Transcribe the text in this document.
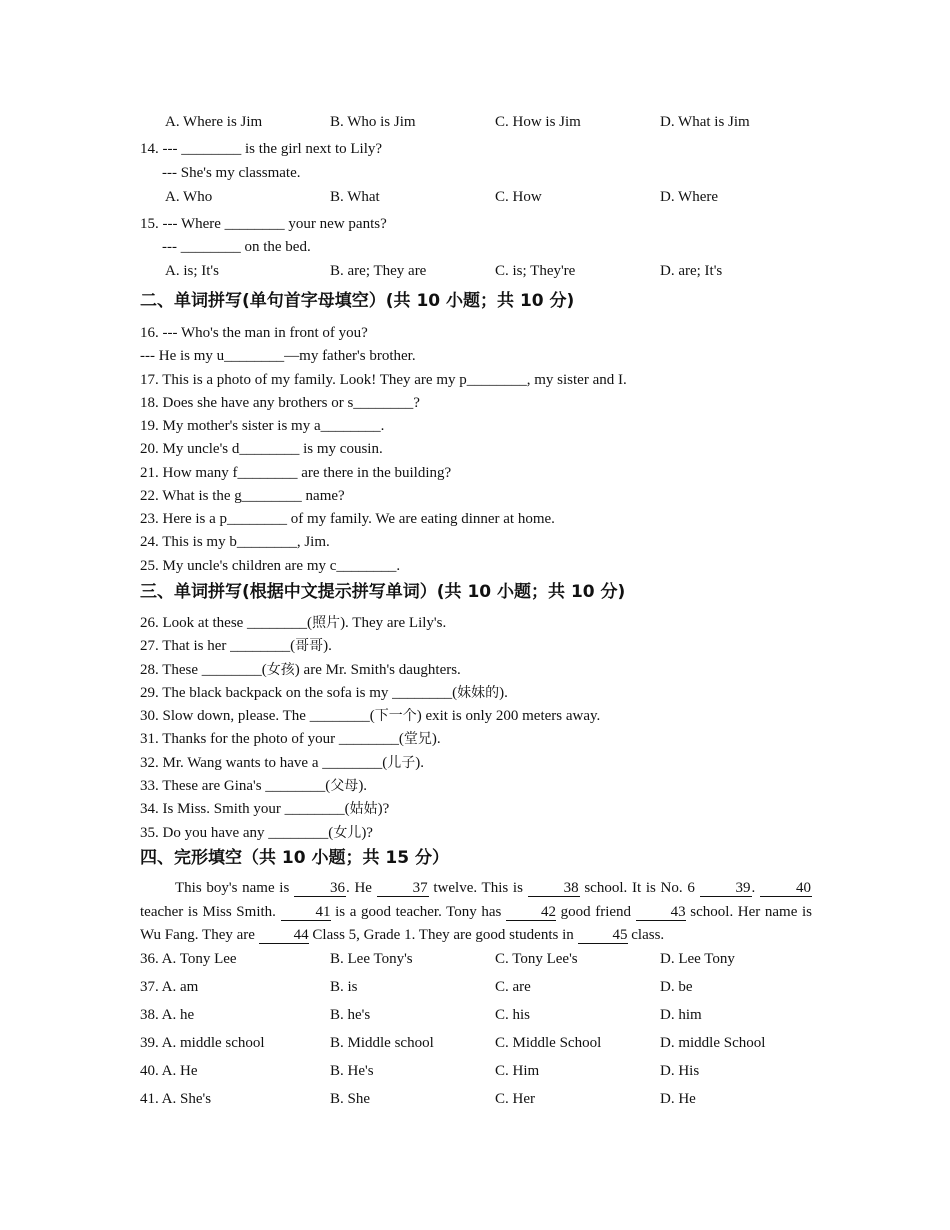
A. Where is Jim	B. Who is Jim	C. How is Jim	D. What is Jim
14. --- ________ is the girl next to Lily?
--- She's my classmate.
A. Who	B. What	C. How	D. Where
15. --- Where ________ your new pants?
--- ________ on the bed.
A. is; It's	B. are; They are	C. is; They're	D. are; It's
二、单词拼写(单句首字母填空）(共 10 小题；共 10 分)
16. --- Who's the man in front of you?
--- He is my u________—my father's brother.
17. This is a photo of my family. Look! They are my p________, my sister and I.
18. Does she have any brothers or s________?
19. My mother's sister is my a________.
20. My uncle's d________ is my cousin.
21. How many f________ are there in the building?
22. What is the g________ name?
23. Here is a p________ of my family. We are eating dinner at home.
24. This is my b________, Jim.
25. My uncle's children are my c________.
三、单词拼写(根据中文提示拼写单词）(共 10 小题；共 10 分)
26. Look at these ________(照片). They are Lily's.
27. That is her ________(哥哥).
28. These ________(女孩) are Mr. Smith's daughters.
29. The black backpack on the sofa is my ________(妹妹的).
30. Slow down, please. The ________(下一个) exit is only 200 meters away.
31. Thanks for the photo of your ________(堂兄).
32. Mr. Wang wants to have a ________(儿子).
33. These are Gina's ________(父母).
34. Is Miss. Smith your ________(姑姑)?
35. Do you have any ________(女儿)?
四、完形填空（共 10 小题；共 15 分）
This boy's name is 36. He 37 twelve. This is 38 school. It is No. 6 39. 40 teacher is Miss Smith. 41 is a good teacher. Tony has 42 good friend 43 school. Her name is Wu Fang. They are 44 Class 5, Grade 1. They are good students in 45 class.
36. A. Tony Lee	B. Lee Tony's	C. Tony Lee's	D. Lee Tony
37. A. am	B. is	C. are	D. be
38. A. he	B. he's	C. his	D. him
39. A. middle school	B. Middle school	C. Middle School	D. middle School
40. A. He	B. He's	C. Him	D. His
41. A. She's	B. She	C. Her	D. He
